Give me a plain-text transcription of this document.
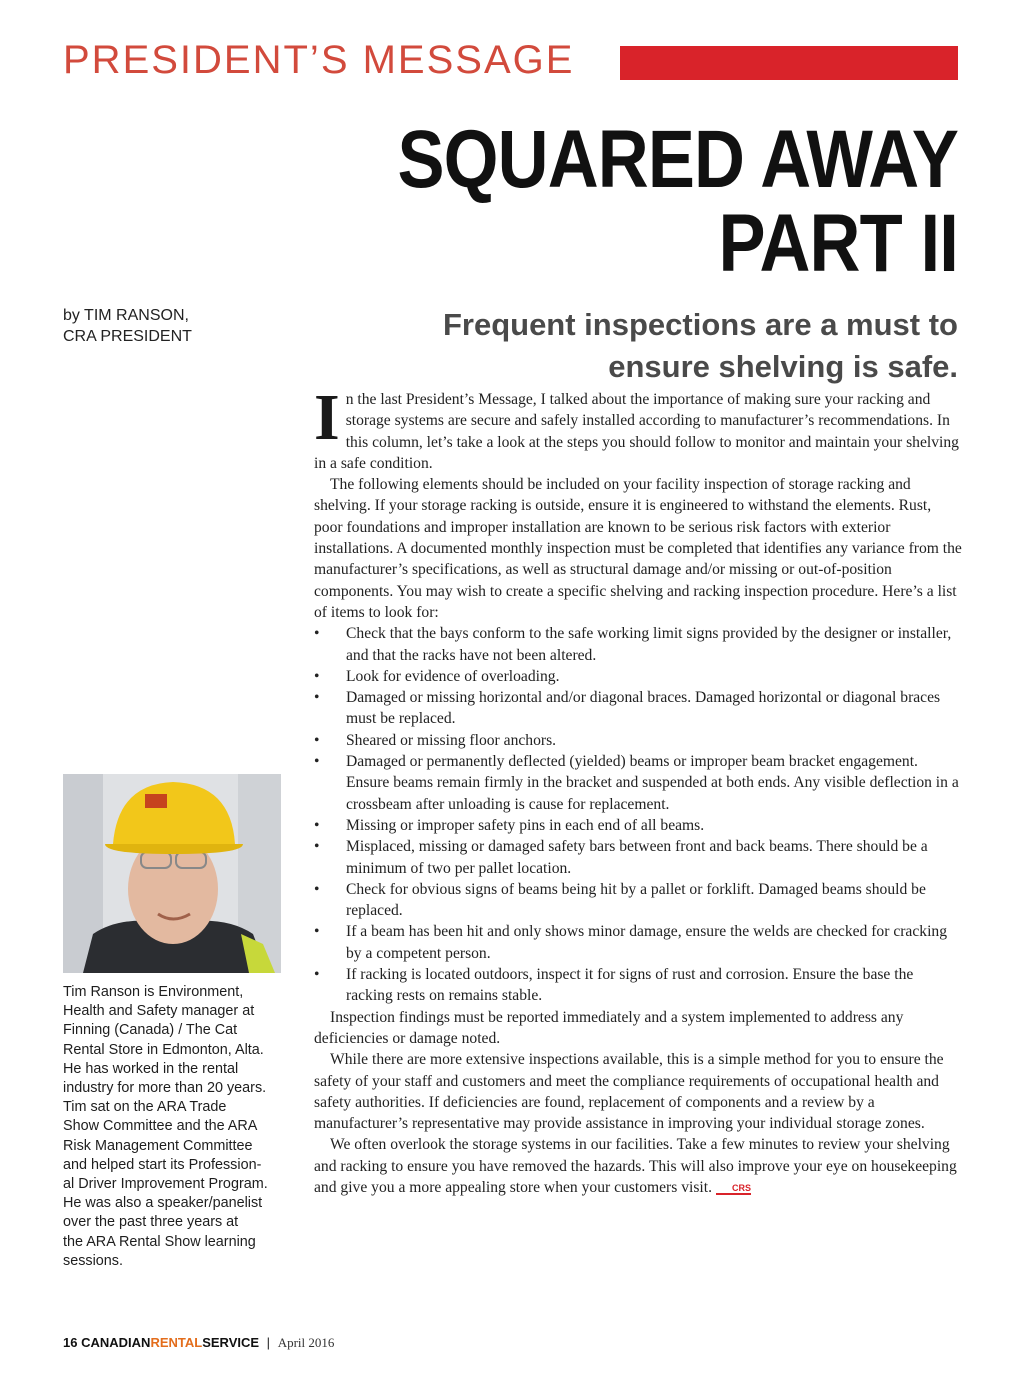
PRESIDENT’S MESSAGE
SQUARED AWAY
PART II
by TIM RANSON,
CRA PRESIDENT	Frequent inspections are a must to
ensure shelving is safe.
Tim Ranson is Environment,
Health and Safety manager at
Finning (Canada) / The Cat
Rental Store in Edmonton, Alta.
He has worked in the rental
industry for more than 20 years.
Tim sat on the ARA Trade
Show Committee and the ARA
Risk Management Committee
and helped start its Profession-
al Driver Improvement Program.
He was also a speaker/panelist
over the past three years at
the ARA Rental Show learning
sessions.

In the last President’s Message, I talked about the importance of making sure your racking and storage systems are secure and safely installed according to manufacturer’s recommendations. In this column, let’s take a look at the steps you should follow to monitor and maintain your shelving in a safe condition.

The following elements should be included on your facility inspection of storage racking and shelving. If your storage racking is outside, ensure it is engineered to withstand the elements. Rust, poor foundations and improper installation are known to be serious risk factors with exterior installations. A documented monthly inspection must be completed that identifies any variance from the manufacturer’s specifications, as well as structural damage and/or missing or out-of-position components. You may wish to create a specific shelving and racking inspection procedure. Here’s a list of items to look for:

• Check that the bays conform to the safe working limit signs provided by the designer or installer, and that the racks have not been altered.
• Look for evidence of overloading.
• Damaged or missing horizontal and/or diagonal braces. Damaged horizontal or diagonal braces must be replaced.
• Sheared or missing floor anchors.
• Damaged or permanently deflected (yielded) beams or improper beam bracket engagement. Ensure beams remain firmly in the bracket and suspended at both ends. Any visible deflection in a crossbeam after unloading is cause for replacement.
• Missing or improper safety pins in each end of all beams.
• Misplaced, missing or damaged safety bars between front and back beams. There should be a minimum of two per pallet location.
• Check for obvious signs of beams being hit by a pallet or forklift. Damaged beams should be replaced.
• If a beam has been hit and only shows minor damage, ensure the welds are checked for cracking by a competent person.
• If racking is located outdoors, inspect it for signs of rust and corrosion. Ensure the base the racking rests on remains stable.

Inspection findings must be reported immediately and a system implemented to address any deficiencies or damage noted.

While there are more extensive inspections available, this is a simple method for you to ensure the safety of your staff and customers and meet the compliance requirements of occupational health and safety authorities. If deficiencies are found, replacement of components and a review by a manufacturer’s representative may provide assistance in improving your individual storage zones.

We often overlook the storage systems in our facilities. Take a few minutes to review your shelving and racking to ensure you have removed the hazards. This will also improve your eye on housekeeping and give you a more appealing store when your customers visit. CRS

16 CANADIANRENTALSERVICE | April 2016
